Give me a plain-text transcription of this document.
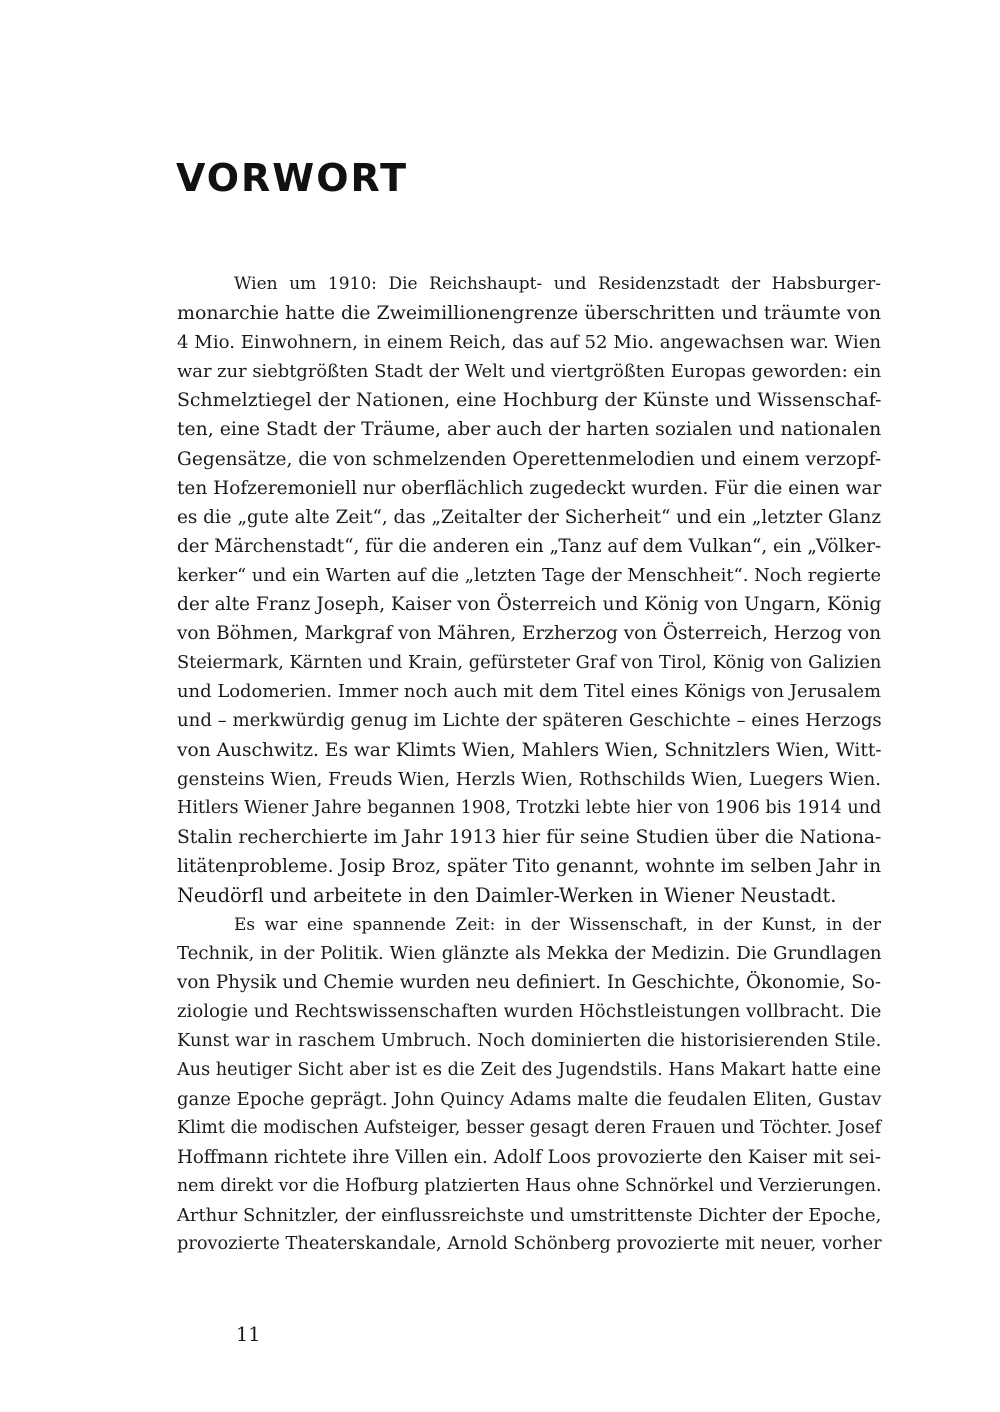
VORWORT
Wien um 1910: Die Reichshaupt- und Residenzstadt der Habsburger-
monarchie hatte die Zweimillionengrenze überschritten und träumte von
4 Mio. Einwohnern, in einem Reich, das auf 52 Mio. angewachsen war. Wien
war zur siebtgrößten Stadt der Welt und viertgrößten Europas geworden: ein
Schmelztiegel der Nationen, eine Hochburg der Künste und Wissenschaf-
ten, eine Stadt der Träume, aber auch der harten sozialen und nationalen
Gegensätze, die von schmelzenden Operettenmelodien und einem verzopf-
ten Hofzeremoniell nur oberflächlich zugedeckt wurden. Für die einen war
es die „gute alte Zeit“, das „Zeitalter der Sicherheit“ und ein „letzter Glanz
der Märchenstadt“, für die anderen ein „Tanz auf dem Vulkan“, ein „Völker-
kerker“ und ein Warten auf die „letzten Tage der Menschheit“. Noch regierte
der alte Franz Joseph, Kaiser von Österreich und König von Ungarn, König
von Böhmen, Markgraf von Mähren, Erzherzog von Österreich, Herzog von
Steiermark, Kärnten und Krain, gefürsteter Graf von Tirol, König von Galizien
und Lodomerien. Immer noch auch mit dem Titel eines Königs von Jerusalem
und – merkwürdig genug im Lichte der späteren Geschichte – eines Herzogs
von Auschwitz. Es war Klimts Wien, Mahlers Wien, Schnitzlers Wien, Witt-
gensteins Wien, Freuds Wien, Herzls Wien, Rothschilds Wien, Luegers Wien.
Hitlers Wiener Jahre begannen 1908, Trotzki lebte hier von 1906 bis 1914 und
Stalin recherchierte im Jahr 1913 hier für seine Studien über die Nationa-
litätenprobleme. Josip Broz, später Tito genannt, wohnte im selben Jahr in
Neudörfl und arbeitete in den Daimler-Werken in Wiener Neustadt.
Es war eine spannende Zeit: in der Wissenschaft, in der Kunst, in der
Technik, in der Politik. Wien glänzte als Mekka der Medizin. Die Grundlagen
von Physik und Chemie wurden neu definiert. In Geschichte, Ökonomie, So-
ziologie und Rechtswissenschaften wurden Höchstleistungen vollbracht. Die
Kunst war in raschem Umbruch. Noch dominierten die historisierenden Stile.
Aus heutiger Sicht aber ist es die Zeit des Jugendstils. Hans Makart hatte eine
ganze Epoche geprägt. John Quincy Adams malte die feudalen Eliten, Gustav
Klimt die modischen Aufsteiger, besser gesagt deren Frauen und Töchter. Josef
Hoffmann richtete ihre Villen ein. Adolf Loos provozierte den Kaiser mit sei-
nem direkt vor die Hofburg platzierten Haus ohne Schnörkel und Verzierungen.
Arthur Schnitzler, der einflussreichste und umstrittenste Dichter der Epoche,
provozierte Theaterskandale, Arnold Schönberg provozierte mit neuer, vorher
11
